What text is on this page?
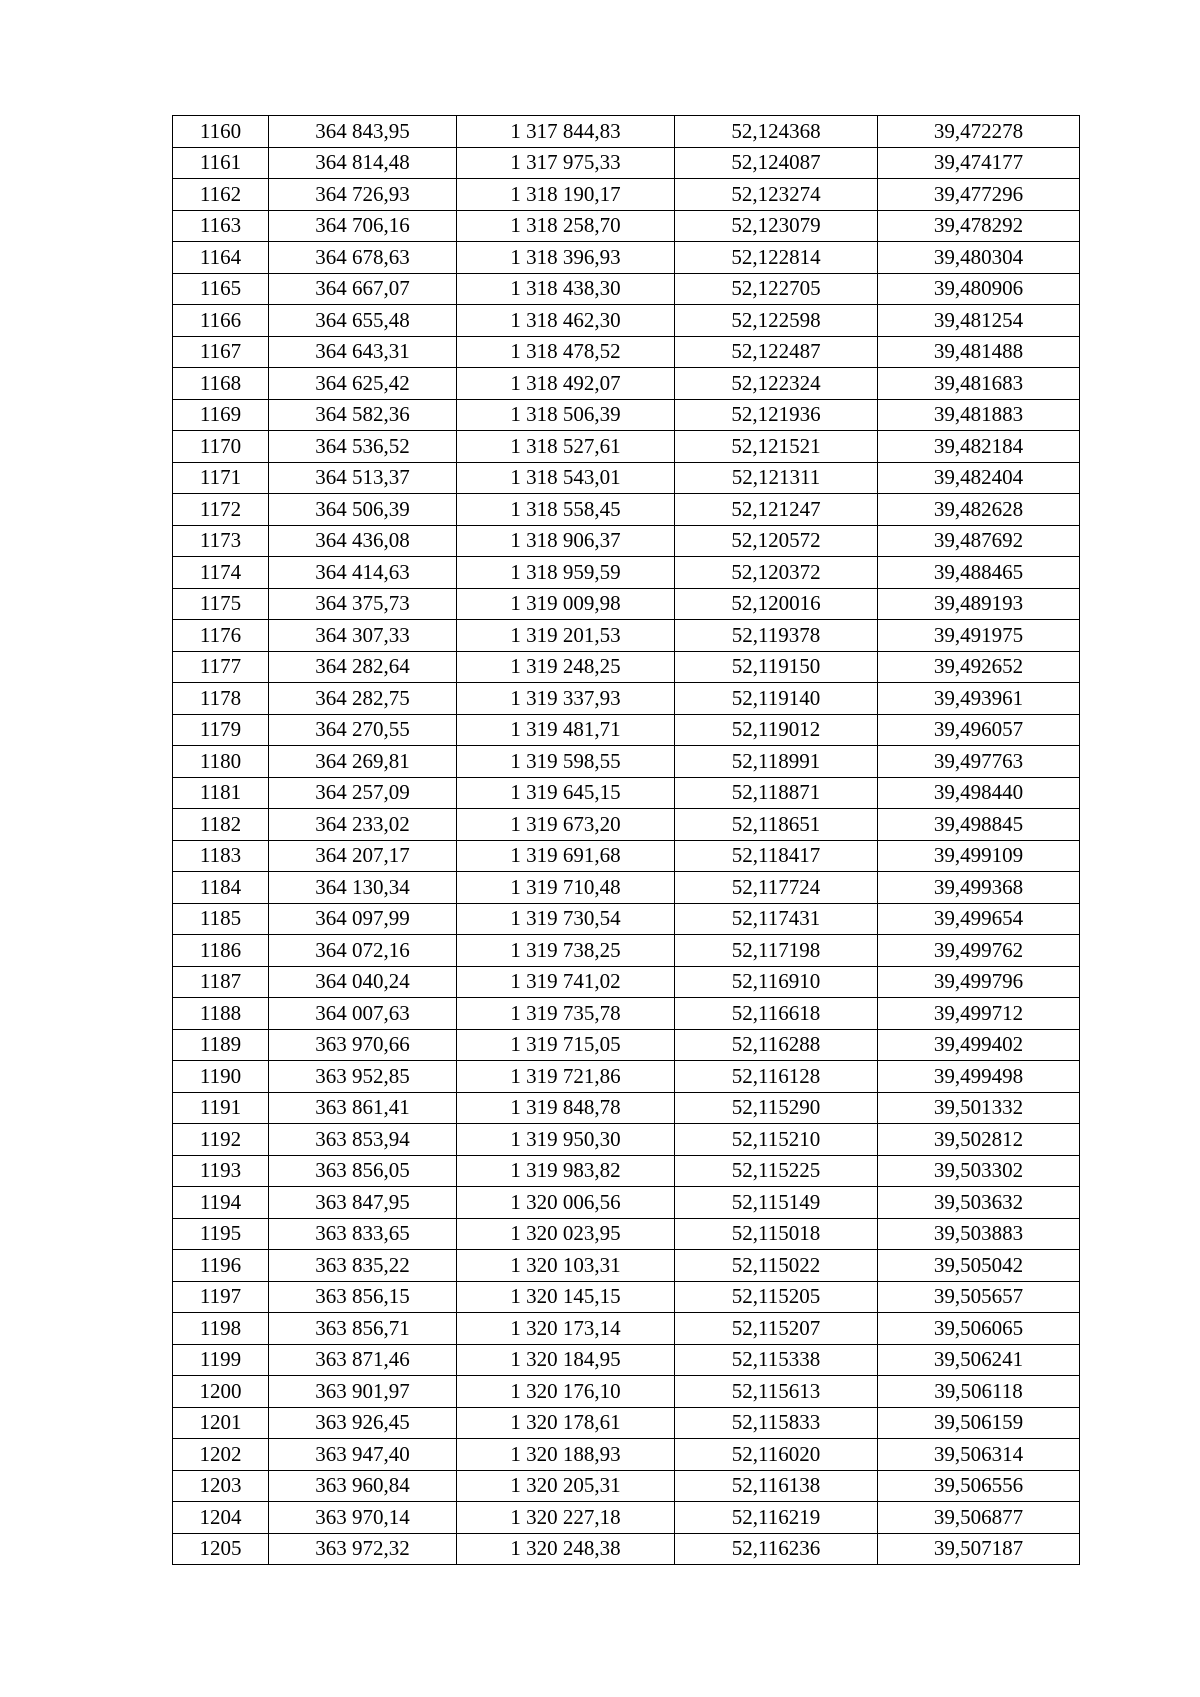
1160	364 843,95	1 317 844,83	52,124368	39,472278
1161	364 814,48	1 317 975,33	52,124087	39,474177
1162	364 726,93	1 318 190,17	52,123274	39,477296
1163	364 706,16	1 318 258,70	52,123079	39,478292
1164	364 678,63	1 318 396,93	52,122814	39,480304
1165	364 667,07	1 318 438,30	52,122705	39,480906
1166	364 655,48	1 318 462,30	52,122598	39,481254
1167	364 643,31	1 318 478,52	52,122487	39,481488
1168	364 625,42	1 318 492,07	52,122324	39,481683
1169	364 582,36	1 318 506,39	52,121936	39,481883
1170	364 536,52	1 318 527,61	52,121521	39,482184
1171	364 513,37	1 318 543,01	52,121311	39,482404
1172	364 506,39	1 318 558,45	52,121247	39,482628
1173	364 436,08	1 318 906,37	52,120572	39,487692
1174	364 414,63	1 318 959,59	52,120372	39,488465
1175	364 375,73	1 319 009,98	52,120016	39,489193
1176	364 307,33	1 319 201,53	52,119378	39,491975
1177	364 282,64	1 319 248,25	52,119150	39,492652
1178	364 282,75	1 319 337,93	52,119140	39,493961
1179	364 270,55	1 319 481,71	52,119012	39,496057
1180	364 269,81	1 319 598,55	52,118991	39,497763
1181	364 257,09	1 319 645,15	52,118871	39,498440
1182	364 233,02	1 319 673,20	52,118651	39,498845
1183	364 207,17	1 319 691,68	52,118417	39,499109
1184	364 130,34	1 319 710,48	52,117724	39,499368
1185	364 097,99	1 319 730,54	52,117431	39,499654
1186	364 072,16	1 319 738,25	52,117198	39,499762
1187	364 040,24	1 319 741,02	52,116910	39,499796
1188	364 007,63	1 319 735,78	52,116618	39,499712
1189	363 970,66	1 319 715,05	52,116288	39,499402
1190	363 952,85	1 319 721,86	52,116128	39,499498
1191	363 861,41	1 319 848,78	52,115290	39,501332
1192	363 853,94	1 319 950,30	52,115210	39,502812
1193	363 856,05	1 319 983,82	52,115225	39,503302
1194	363 847,95	1 320 006,56	52,115149	39,503632
1195	363 833,65	1 320 023,95	52,115018	39,503883
1196	363 835,22	1 320 103,31	52,115022	39,505042
1197	363 856,15	1 320 145,15	52,115205	39,505657
1198	363 856,71	1 320 173,14	52,115207	39,506065
1199	363 871,46	1 320 184,95	52,115338	39,506241
1200	363 901,97	1 320 176,10	52,115613	39,506118
1201	363 926,45	1 320 178,61	52,115833	39,506159
1202	363 947,40	1 320 188,93	52,116020	39,506314
1203	363 960,84	1 320 205,31	52,116138	39,506556
1204	363 970,14	1 320 227,18	52,116219	39,506877
1205	363 972,32	1 320 248,38	52,116236	39,507187
